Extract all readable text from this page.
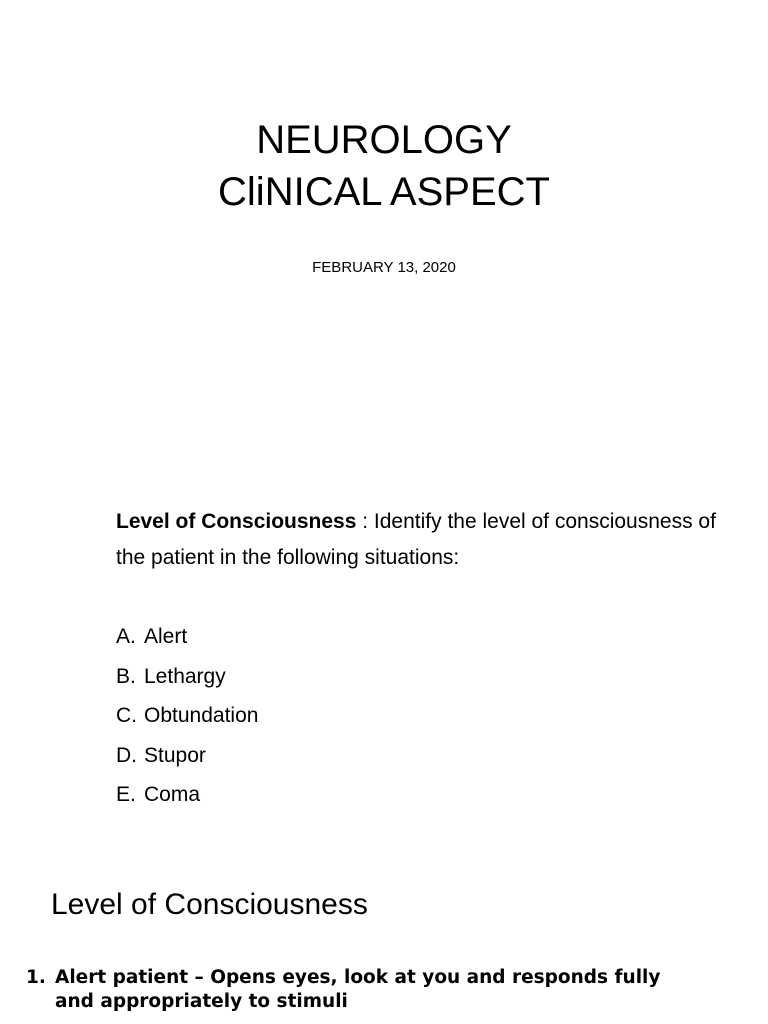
NEUROLOGY
CliNICAL ASPECT
FEBRUARY 13, 2020
Level of Consciousness : Identify the level of consciousness of the patient in the following situations:
A. Alert
B. Lethargy
C. Obtundation
D. Stupor
E. Coma
Level of Consciousness
1. Alert patient – Opens eyes, look at you and responds fully
and appropriately to stimuli
